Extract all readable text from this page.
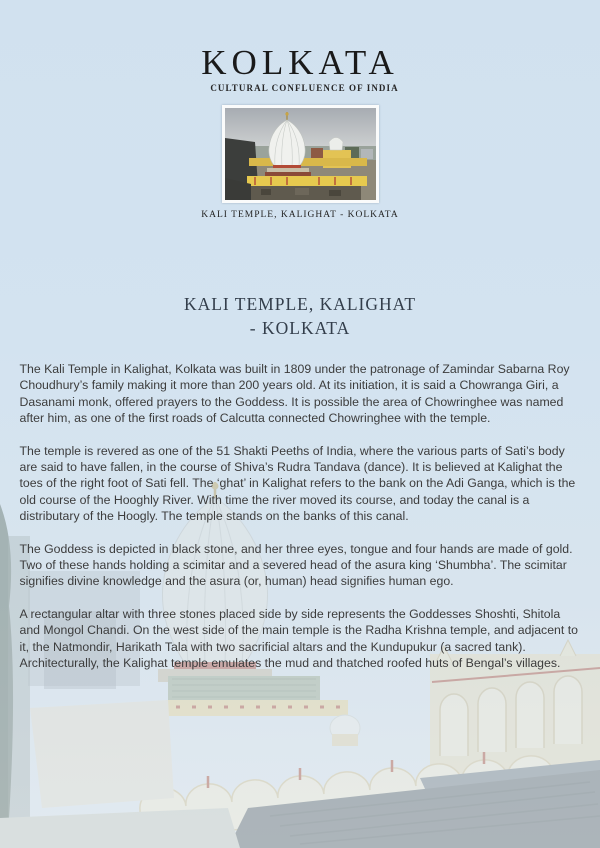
KOLKATA
CULTURAL CONFLUENCE OF INDIA
KALI TEMPLE, KALIGHAT - KOLKATA
KALI TEMPLE, KALIGHAT
- KOLKATA

The Kali Temple in Kalighat, Kolkata was built in 1809 under the patronage of Zamindar Sabarna Roy Choudhury’s family making it more than 200 years old. At its initiation, it is said a Chowranga Giri, a Dasanami monk, offered prayers to the Goddess. It is possible the area of Chowringhee was named after him, as one of the first roads of Calcutta connected Chowringhee with the temple.

The temple is revered as one of the 51 Shakti Peeths of India, where the various parts of Sati’s body are said to have fallen, in the course of Shiva’s Rudra Tandava (dance). It is believed at Kalighat the toes of the right foot of Sati fell. The ‘ghat’ in Kalighat refers to the bank on the Adi Ganga, which is the old course of the Hooghly River. With time the river moved its course, and today the canal is a distributary of the Hoogly. The temple stands on the banks of this canal.

The Goddess is depicted in black stone, and her three eyes, tongue and four hands are made of gold. Two of these hands holding a scimitar and a severed head of the asura king ‘Shumbha’. The scimitar signifies divine knowledge and the asura (or, human) head signifies human ego.

A rectangular altar with three stones placed side by side represents the Goddesses Shoshti, Shitola and Mongol Chandi. On the west side of the main temple is the Radha Krishna temple, and adjacent to it, the Natmondir, Harikath Tala with two sacrificial altars and the Kundupukur (a sacred tank). Architecturally, the Kalighat temple emulates the mud and thatched roofed huts of Bengal’s villages.
